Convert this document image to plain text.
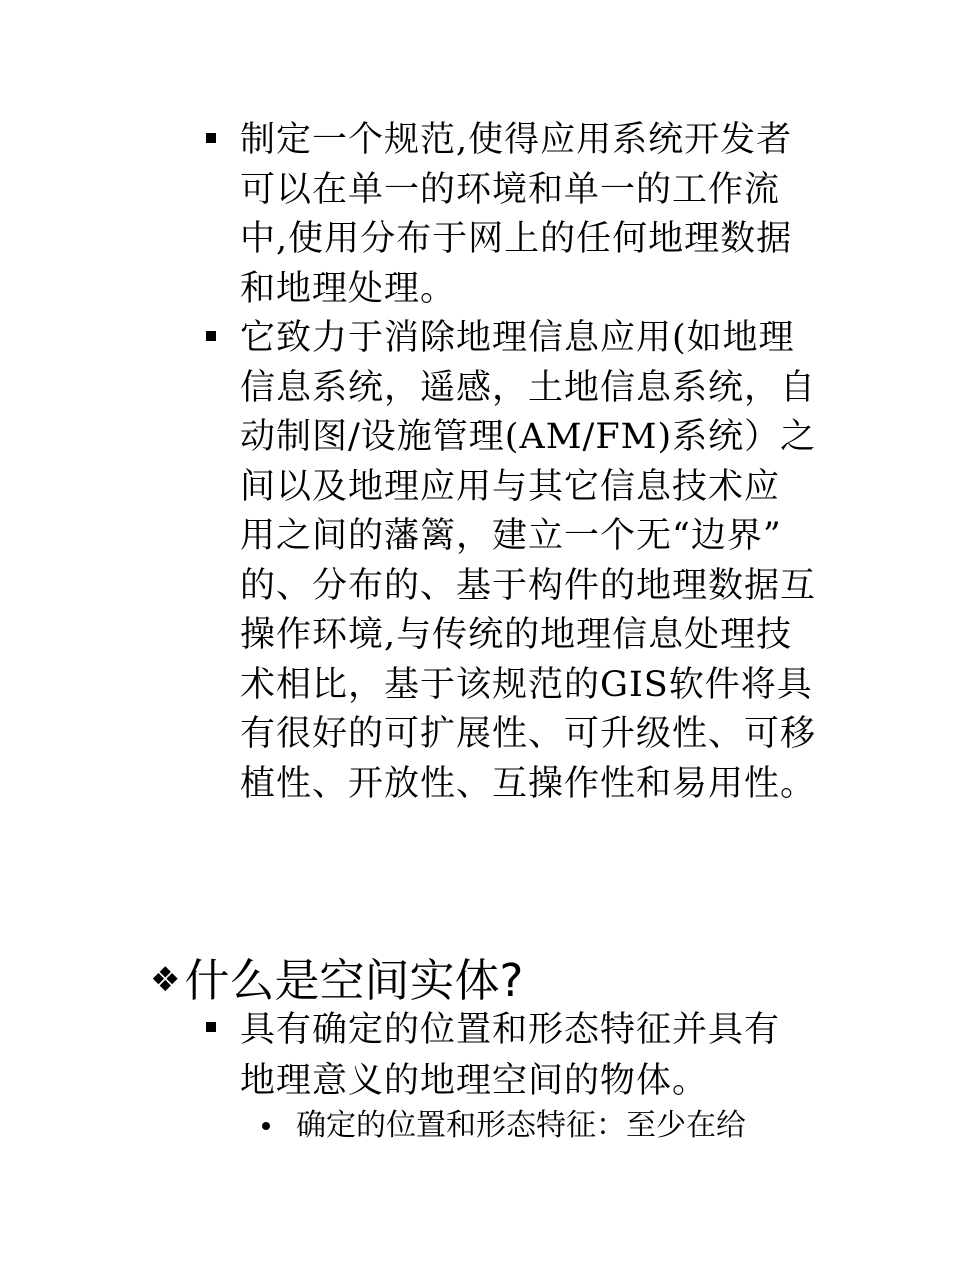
制定一个规范,使得应用系统开发者
可以在单一的环境和单一的工作流
中,使用分布于网上的任何地理数据
和地理处理。

它致力于消除地理信息应用(如地理
信息系统，遥感，土地信息系统，自
动制图/设施管理(AM/FM)系统）之
间以及地理应用与其它信息技术应
用之间的藩篱，建立一个无“边界”
的、分布的、基于构件的地理数据互
操作环境,与传统的地理信息处理技
术相比，基于该规范的GIS软件将具
有很好的可扩展性、可升级性、可移
植性、开放性、互操作性和易用性。

❖什么是空间实体?

具有确定的位置和形态特征并具有
地理意义的地理空间的物体。

确定的位置和形态特征：至少在给
